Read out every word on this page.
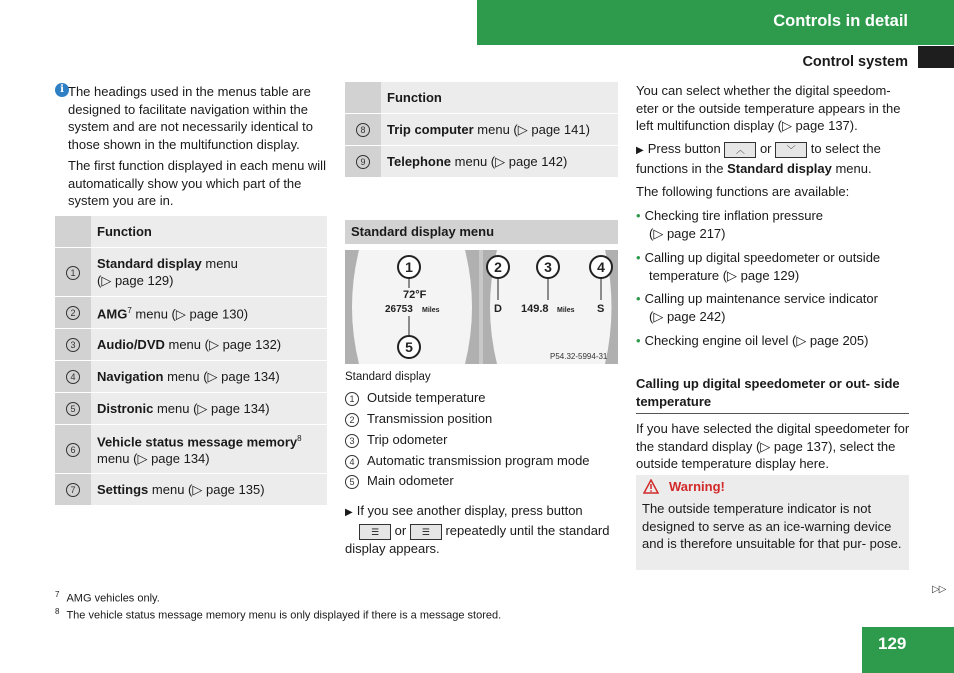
Controls in detail
Control system
i The headings used in the menus table are designed to facilitate navigation within the system and are not necessarily identical to those shown in the multifunction display.

The first function displayed in each menu will automatically show you which part of the system you are in.

	Function
1	Standard display menu
(▷ page 129)
2	AMG$^7$ menu (▷ page 130)
3	Audio/DVD menu (▷ page 132)
4	Navigation menu (▷ page 134)
5	Distronic menu (▷ page 134)
6	Vehicle status message memory$^8$
menu (▷ page 134)
7	Settings menu (▷ page 135)
	Function
8	Trip computer menu (▷ page 141)
9	Telephone menu (▷ page 142)
Standard display menu
72°F
26753 Miles	D 149.8 Miles S
1
5
2	3	4
P54.32-5994-31
Standard display
1 Outside temperature
2 Transmission position
3 Trip odometer
4 Automatic transmission program mode
5 Main odometer
▶ If you see another display, press button
☰ or ☰ repeatedly until the standard display appears.

You can select whether the digital speedom- eter or the outside temperature appears in the left multifunction display (▷ page 137).

▶ Press button ︿ or ﹀ to select the functions in the Standard display menu.

The following functions are available:

• Checking tire inflation pressure
(▷ page 217)
• Calling up digital speedometer or outside
temperature (▷ page 129)
• Calling up maintenance service indicator
(▷ page 242)
• Checking engine oil level (▷ page 205)
Calling up digital speedometer or out- side temperature

If you have selected the digital speedometer for the standard display (▷ page 137), select the outside temperature display here.

Warning!

The outside temperature indicator is not designed to serve as an ice-warning device and is therefore unsuitable for that pur- pose.

$^7$ AMG vehicles only.
$^8$ The vehicle status message memory menu is only displayed if there is a message stored.
▷▷
129
